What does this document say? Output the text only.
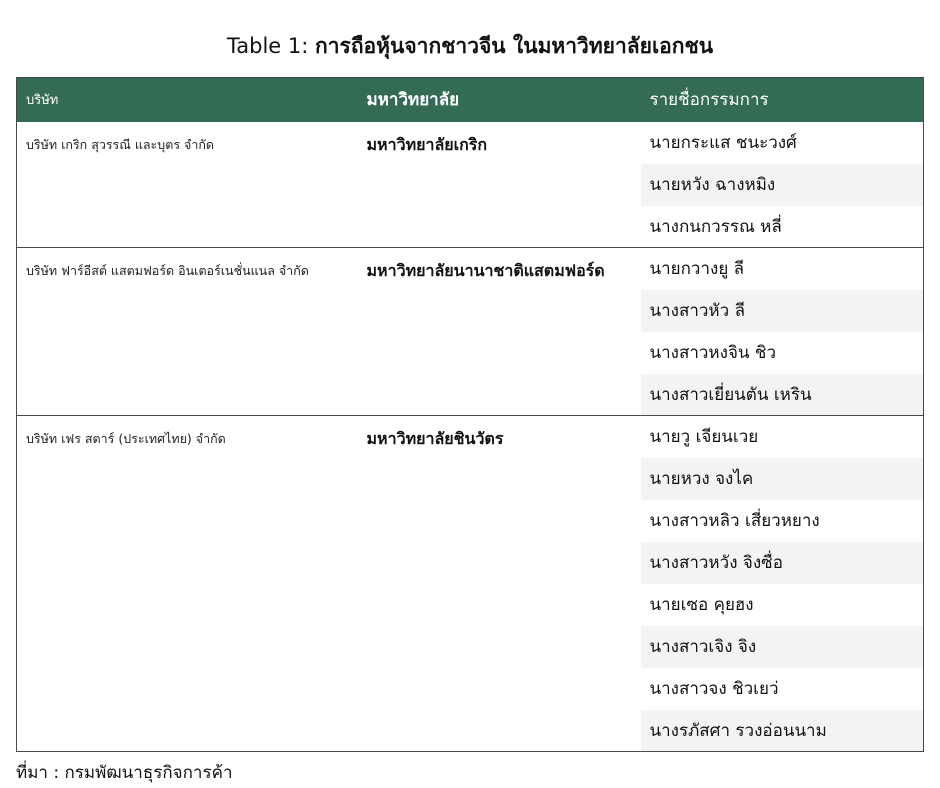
Table 1: การถือหุ้นจากชาวจีน ในมหาวิทยาลัยเอกชน
บริษัท	มหาวิทยาลัย	รายชื่อกรรมการ
บริษัท เกริก สุวรรณี และบุตร จำกัด	มหาวิทยาลัยเกริก	นายกระแส ชนะวงศ์
		นายหวัง ฉางหมิง
		นางกนกวรรณ หลี่
บริษัท ฟาร์อีสต์ แสตมฟอร์ด อินเตอร์เนชั่นแนล จำกัด	มหาวิทยาลัยนานาชาติแสตมฟอร์ด	นายกวางยู ลี
		นางสาวหัว ลี
		นางสาวหงจิน ชิว
		นางสาวเยี่ยนตัน เหริน
บริษัท เฟร สตาร์ (ประเทศไทย) จำกัด	มหาวิทยาลัยชินวัตร	นายวู เจียนเวย
		นายหวง จงไค
		นางสาวหลิว เสี่ยวหยาง
		นางสาวหวัง จิงซื่อ
		นายเซอ คุยฮง
		นางสาวเจิง จิง
		นางสาวจง ชิวเยว่
		นางรภัสศา รวงอ่อนนาม
ที่มา : กรมพัฒนาธุรกิจการค้า
